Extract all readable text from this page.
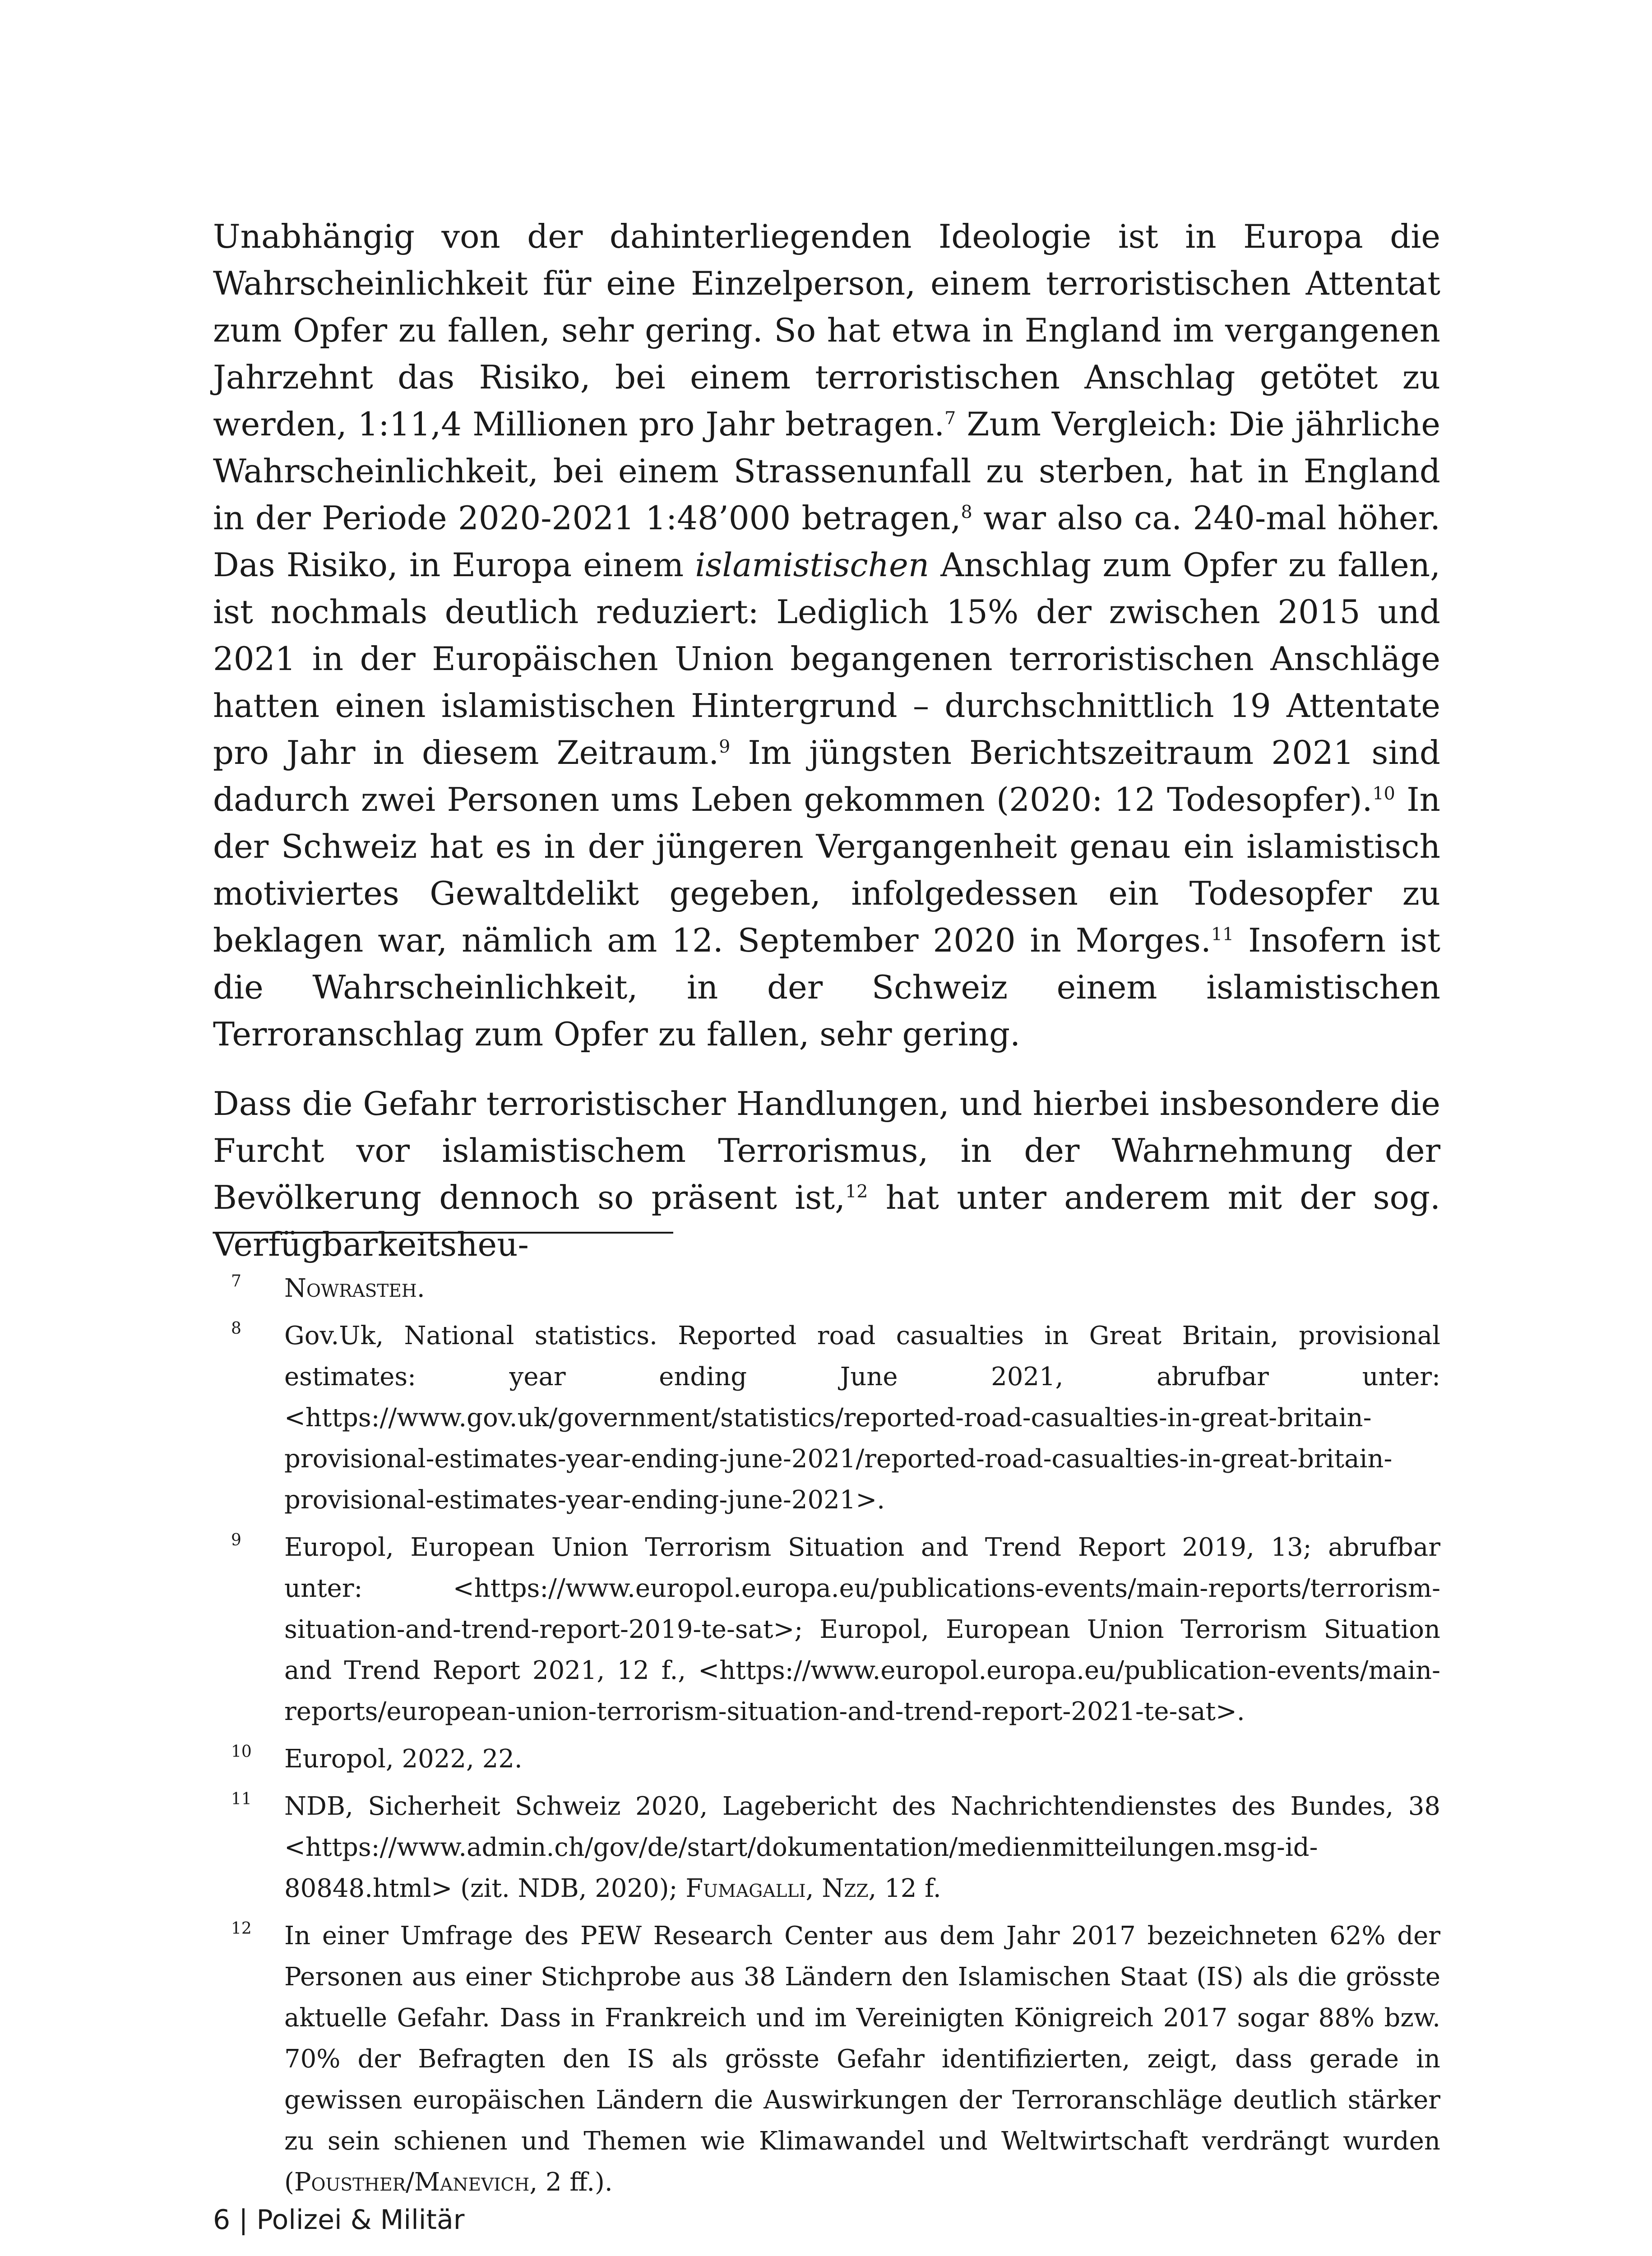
Unabhängig von der dahinterliegenden Ideologie ist in Europa die Wahrscheinlichkeit für eine Einzelperson, einem terroristischen Attentat zum Opfer zu fallen, sehr gering. So hat etwa in England im vergangenen Jahrzehnt das Risiko, bei einem terroristischen Anschlag getötet zu werden, 1:11,4 Millionen pro Jahr betragen.$^7$ Zum Vergleich: Die jährliche Wahrscheinlichkeit, bei einem Strassenunfall zu sterben, hat in England in der Periode 2020-2021 1:48’000 betragen,$^8$ war also ca. 240-mal höher. Das Risiko, in Europa einem islamistischen Anschlag zum Opfer zu fallen, ist nochmals deutlich reduziert: Lediglich 15% der zwischen 2015 und 2021 in der Europäischen Union begangenen terroristischen Anschläge hatten einen islamistischen Hintergrund – durchschnittlich 19 Attentate pro Jahr in diesem Zeitraum.$^9$ Im jüngsten Berichtszeitraum 2021 sind dadurch zwei Personen ums Leben gekommen (2020: 12 Todesopfer).$^{10}$ In der Schweiz hat es in der jüngeren Vergangenheit genau ein islamistisch motiviertes Gewaltdelikt gegeben, infolgedessen ein Todesopfer zu beklagen war, nämlich am 12. September 2020 in Morges.$^{11}$ Insofern ist die Wahrscheinlichkeit, in der Schweiz einem islamistischen Terroranschlag zum Opfer zu fallen, sehr gering.

Dass die Gefahr terroristischer Handlungen, und hierbei insbesondere die Furcht vor islamistischem Terrorismus, in der Wahrnehmung der Bevölkerung dennoch so präsent ist,$^{12}$ hat unter anderem mit der sog. Verfügbarkeitsheu-

7	Nowrasteh.
8	Gov.Uk, National statistics. Reported road casualties in Great Britain, provisional estimates: year ending June 2021, abrufbar unter: <https://www.gov.uk/government/statistics/reported-road-casualties-in-great-britain-provisional-estimates-year-ending-june-2021/reported-road-casualties-in-great-britain-provisional-estimates-year-ending-june-2021>.
9	Europol, European Union Terrorism Situation and Trend Report 2019, 13; abrufbar unter: <https://www.europol.europa.eu/publications-events/main-reports/terrorism-situation-and-trend-report-2019-te-sat>; Europol, European Union Terrorism Situation and Trend Report 2021, 12 f., <https://www.europol.europa.eu/publication-events/main-reports/european-union-terrorism-situation-and-trend-report-2021-te-sat>.
10	Europol, 2022, 22.
11	NDB, Sicherheit Schweiz 2020, Lagebericht des Nachrichtendienstes des Bundes, 38 <https://www.admin.ch/gov/de/start/dokumentation/medienmitteilungen.msg-id-80848.html> (zit. NDB, 2020); Fumagalli, Nzz, 12 f.
12	In einer Umfrage des PEW Research Center aus dem Jahr 2017 bezeichneten 62% der Personen aus einer Stichprobe aus 38 Ländern den Islamischen Staat (IS) als die grösste aktuelle Gefahr. Dass in Frankreich und im Vereinigten Königreich 2017 sogar 88% bzw. 70% der Befragten den IS als grösste Gefahr identifizierten, zeigt, dass gerade in gewissen europäischen Ländern die Auswirkungen der Terroranschläge deutlich stärker zu sein schienen und Themen wie Klimawandel und Weltwirtschaft verdrängt wurden (Pousther/Manevich, 2 ff.).
6 | Polizei & Militär
